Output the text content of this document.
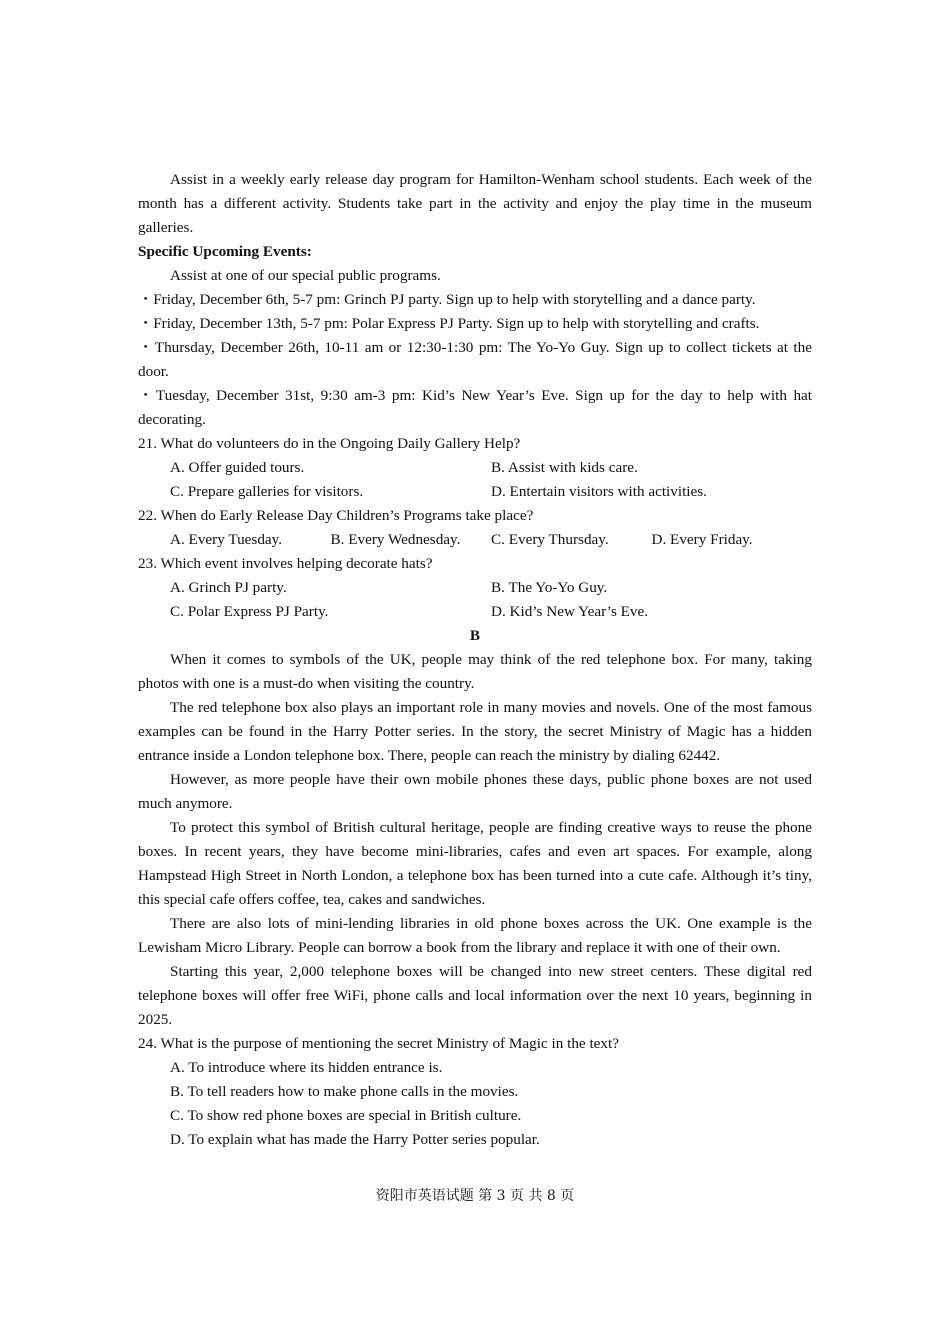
Assist in a weekly early release day program for Hamilton-Wenham school students. Each week of the month has a different activity. Students take part in the activity and enjoy the play time in the museum galleries.

Specific Upcoming Events:

Assist at one of our special public programs.

・Friday, December 6th, 5-7 pm: Grinch PJ party. Sign up to help with storytelling and a dance party.

・Friday, December 13th, 5-7 pm: Polar Express PJ Party. Sign up to help with storytelling and crafts.

・Thursday, December 26th, 10-11 am or 12:30-1:30 pm: The Yo-Yo Guy. Sign up to collect tickets at the door.

・Tuesday, December 31st, 9:30 am-3 pm: Kid’s New Year’s Eve. Sign up for the day to help with hat decorating.

21. What do volunteers do in the Ongoing Daily Gallery Help?

A. Offer guided tours.	B. Assist with kids care.
C. Prepare galleries for visitors.	D. Entertain visitors with activities.

22. When do Early Release Day Children’s Programs take place?

A. Every Tuesday.	B. Every Wednesday.	C. Every Thursday.	D. Every Friday.

23. Which event involves helping decorate hats?

A. Grinch PJ party.	B. The Yo-Yo Guy.
C. Polar Express PJ Party.	D. Kid’s New Year’s Eve.

B

When it comes to symbols of the UK, people may think of the red telephone box. For many, taking photos with one is a must-do when visiting the country.

The red telephone box also plays an important role in many movies and novels. One of the most famous examples can be found in the Harry Potter series. In the story, the secret Ministry of Magic has a hidden entrance inside a London telephone box. There, people can reach the ministry by dialing 62442.

However, as more people have their own mobile phones these days, public phone boxes are not used much anymore.

To protect this symbol of British cultural heritage, people are finding creative ways to reuse the phone boxes. In recent years, they have become mini-libraries, cafes and even art spaces. For example, along Hampstead High Street in North London, a telephone box has been turned into a cute cafe. Although it’s tiny, this special cafe offers coffee, tea, cakes and sandwiches.

There are also lots of mini-lending libraries in old phone boxes across the UK. One example is the Lewisham Micro Library. People can borrow a book from the library and replace it with one of their own.

Starting this year, 2,000 telephone boxes will be changed into new street centers. These digital red telephone boxes will offer free WiFi, phone calls and local information over the next 10 years, beginning in 2025.

24. What is the purpose of mentioning the secret Ministry of Magic in the text?

A. To introduce where its hidden entrance is.

B. To tell readers how to make phone calls in the movies.

C. To show red phone boxes are special in British culture.

D. To explain what has made the Harry Potter series popular.

资阳市英语试题 第 3 页 共 8 页
